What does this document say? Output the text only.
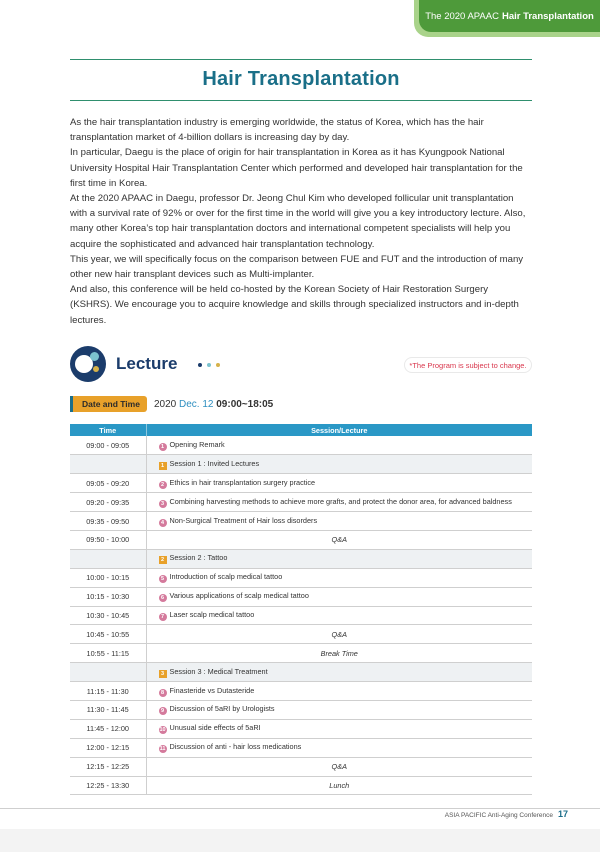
The 2020 APAAC Hair Transplantation
Hair Transplantation

As the hair transplantation industry is emerging worldwide, the status of Korea, which has the hair transplantation market of 4-billion dollars is increasing day by day.

In particular, Daegu is the place of origin for hair transplantation in Korea as it has Kyungpook National University Hospital Hair Transplantation Center which performed and developed hair transplantation for the first time in Korea.

At the 2020 APAAC in Daegu, professor Dr. Jeong Chul Kim who developed follicular unit transplantation with a survival rate of 92% or over for the first time in the world will give you a key introductory lecture. Also, many other Korea’s top hair transplantation doctors and international competent specialists will help you acquire the sophisticated and advanced hair transplantation technology.

This year, we will specifically focus on the comparison between FUE and FUT and the introduction of many other new hair transplant devices such as Multi-implanter.

And also, this conference will be held co-hosted by the Korean Society of Hair Restoration Surgery (KSHRS). We encourage you to acquire knowledge and skills through specialized instructors and in-depth lectures.

Lecture	*The Program is subject to change.
Date and Time	2020 Dec. 12 09:00~18:05
Time	Session/Lecture
09:00 - 09:05	1 Opening Remark
	1 Session 1 : Invited Lectures
09:05 - 09:20	2 Ethics in hair transplantation surgery practice
09:20 - 09:35	3 Combining harvesting methods to achieve more grafts, and protect the donor area, for advanced baldness
09:35 - 09:50	4 Non-Surgical Treatment of Hair loss disorders
09:50 - 10:00	Q&A
	2 Session 2 : Tattoo
10:00 - 10:15	5 Introduction of scalp medical tattoo
10:15 - 10:30	6 Various applications of scalp medical tattoo
10:30 - 10:45	7 Laser scalp medical tattoo
10:45 - 10:55	Q&A
10:55 - 11:15	Break Time
	3 Session 3 : Medical Treatment
11:15 - 11:30	8 Finasteride vs Dutasteride
11:30 - 11:45	9 Discussion of 5aRI by Urologists
11:45 - 12:00	10 Unusual side effects of 5aRI
12:00 - 12:15	11 Discussion of anti - hair loss medications
12:15 - 12:25	Q&A
12:25 - 13:30	Lunch
ASIA PACIFIC Anti-Aging Conference 17
